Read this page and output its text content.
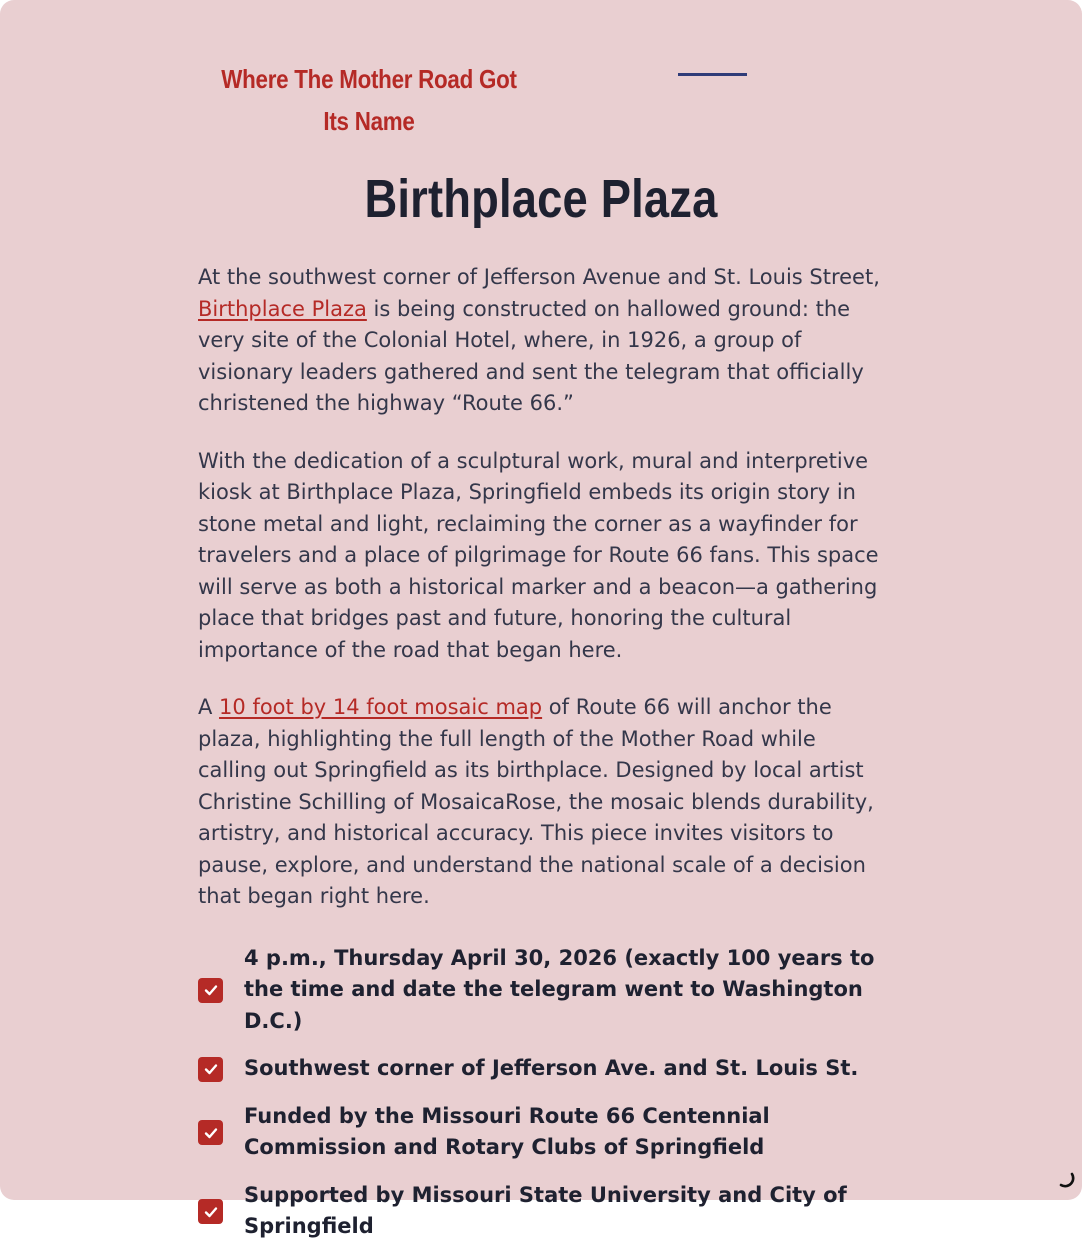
Where The Mother Road Got Its Name
Birthplace Plaza

At the southwest corner of Jefferson Avenue and St. Louis Street, Birthplace Plaza is being constructed on hallowed ground: the very site of the Colonial Hotel, where, in 1926, a group of visionary leaders gathered and sent the telegram that officially christened the highway “Route 66.”

With the dedication of a sculptural work, mural and interpretive kiosk at Birthplace Plaza, Springfield embeds its origin story in stone metal and light, reclaiming the corner as a wayfinder for travelers and a place of pilgrimage for Route 66 fans. This space will serve as both a historical marker and a beacon—a gathering place that bridges past and future, honoring the cultural importance of the road that began here.

A 10 foot by 14 foot mosaic map of Route 66 will anchor the plaza, highlighting the full length of the Mother Road while calling out Springfield as its birthplace. Designed by local artist Christine Schilling of MosaicaRose, the mosaic blends durability, artistry, and historical accuracy. This piece invites visitors to pause, explore, and understand the national scale of a decision that began right here.

4 p.m., Thursday April 30, 2026 (exactly 100 years to the time and date the telegram went to Washington D.C.)
Southwest corner of Jefferson Ave. and St. Louis St.
Funded by the Missouri Route 66 Centennial Commission and Rotary Clubs of Springfield
Supported by Missouri State University and City of Springfield
